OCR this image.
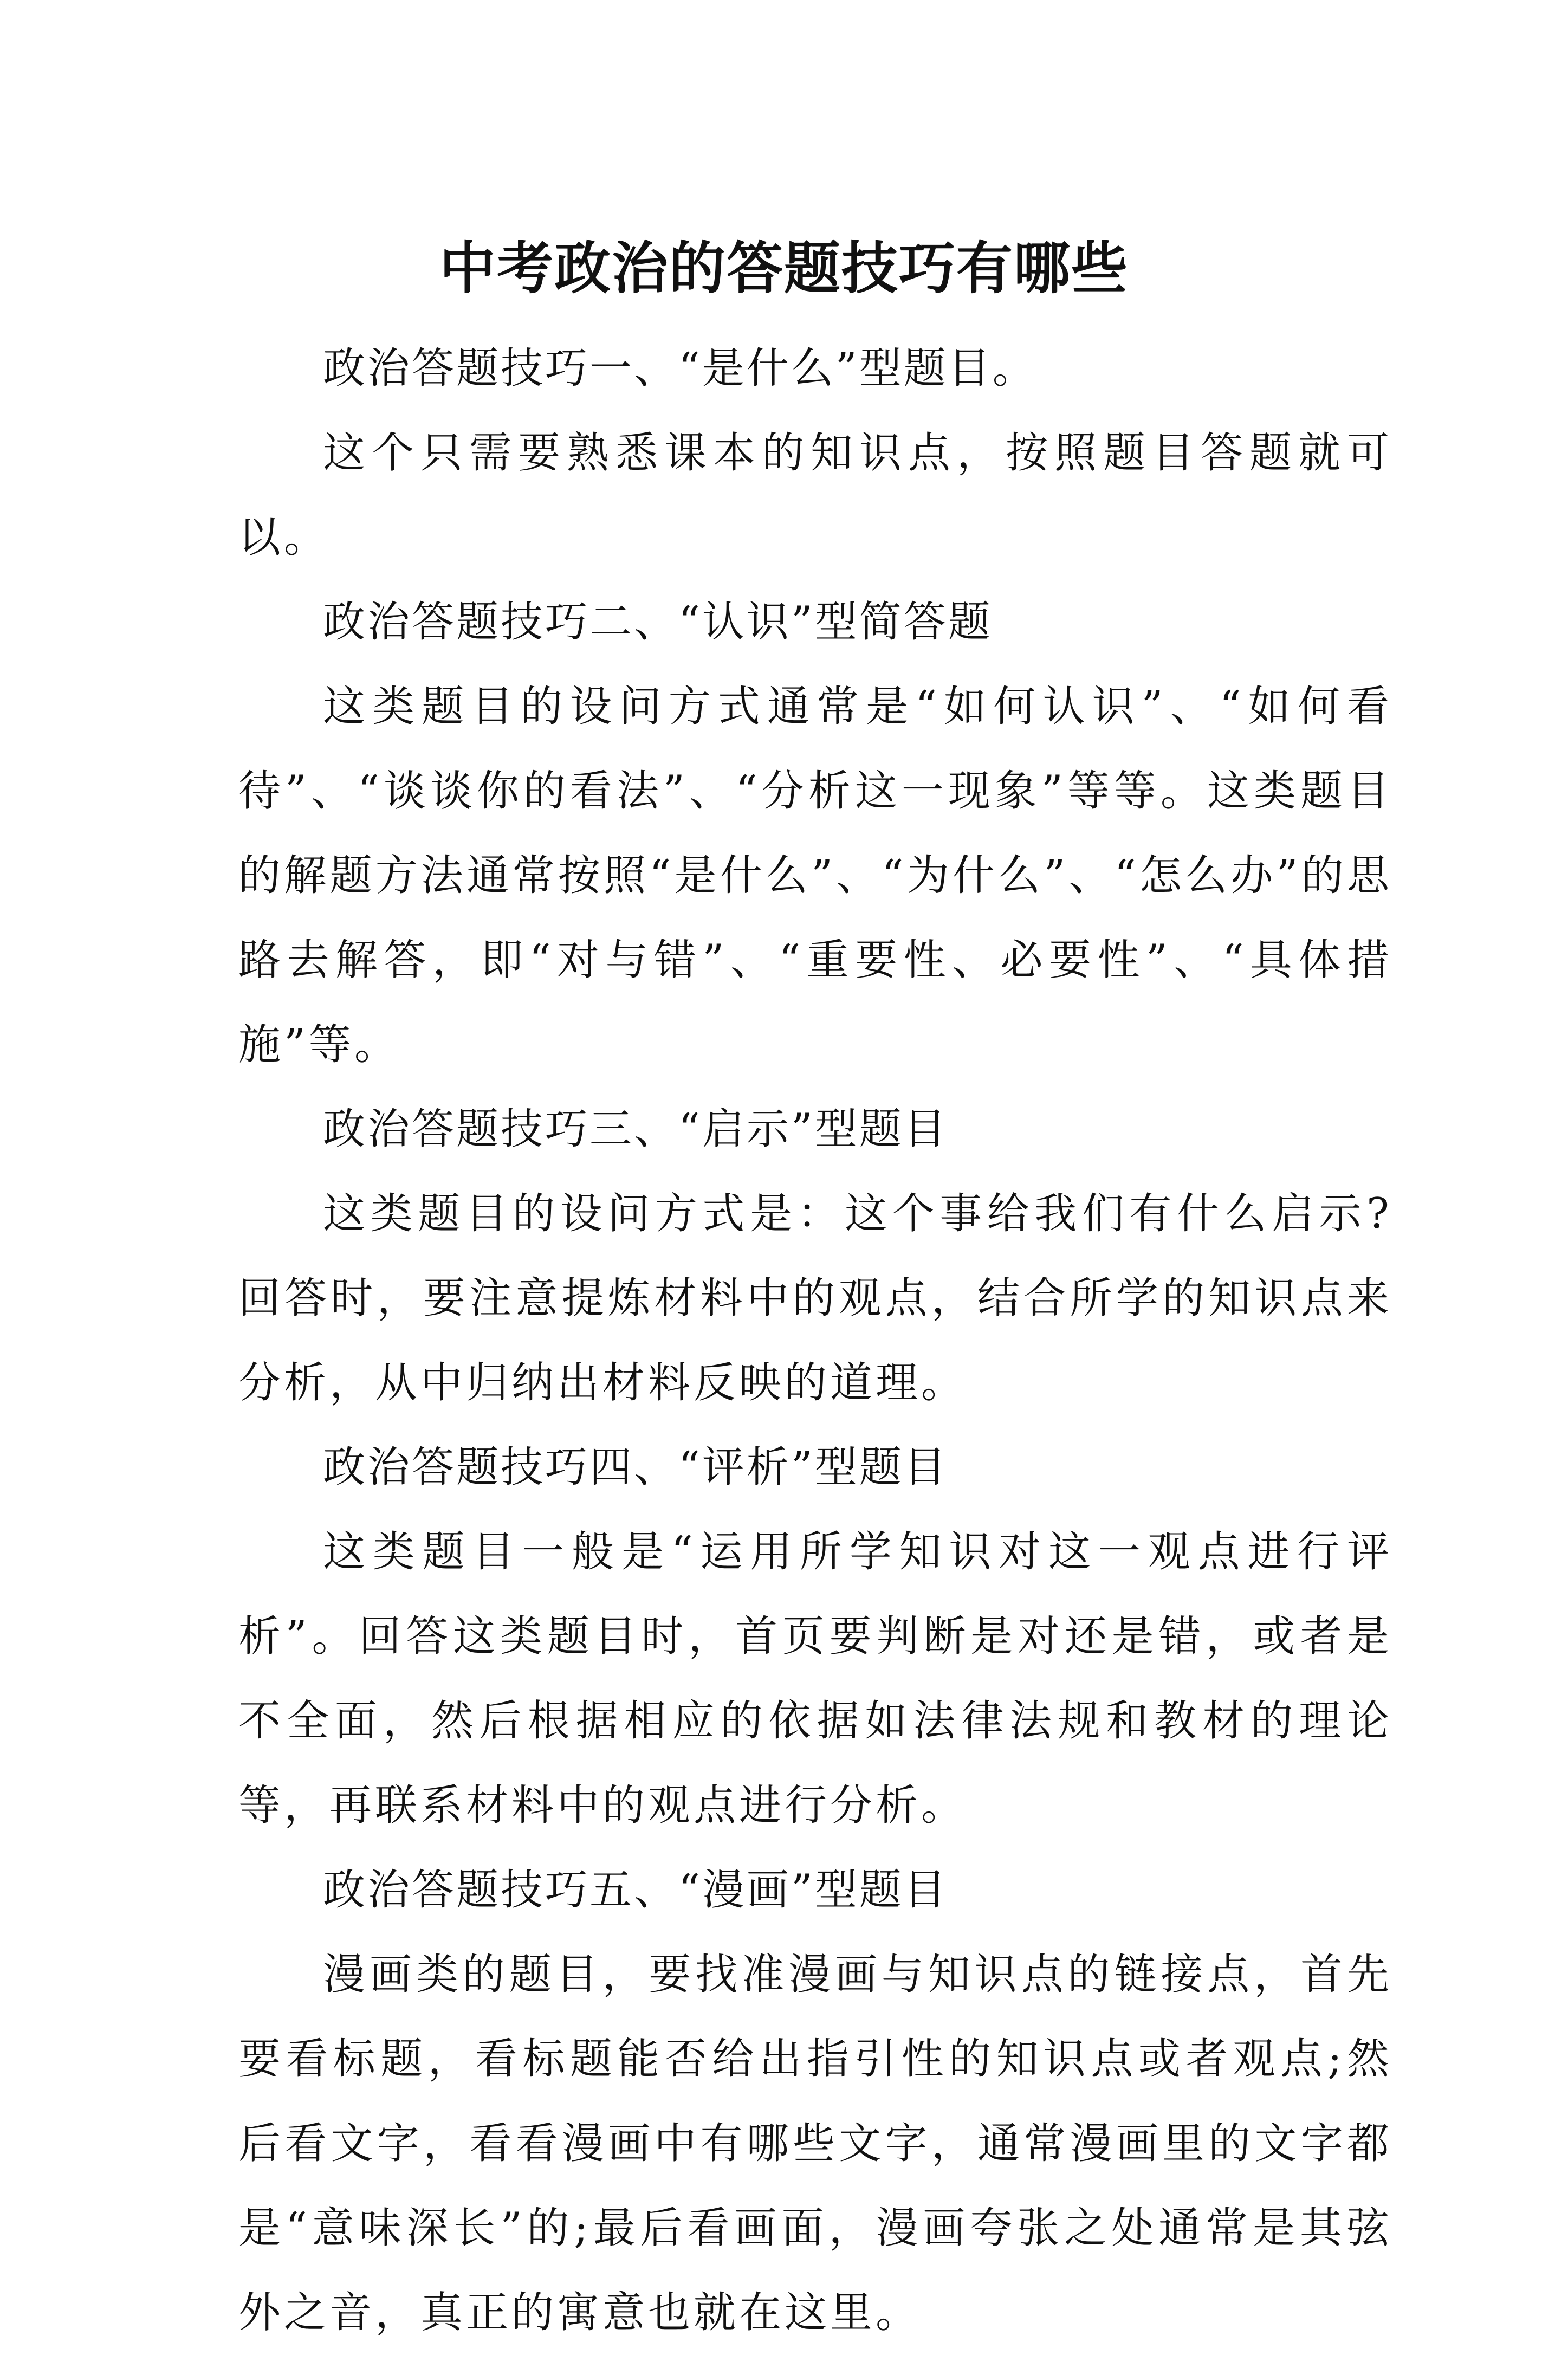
中考政治的答题技巧有哪些

政治答题技巧一、“是什么”型题目。

这个只需要熟悉课本的知识点，按照题目答题就可以。

政治答题技巧二、“认识”型简答题

这类题目的设问方式通常是“如何认识”、“如何看待”、“谈谈你的看法”、“分析这一现象”等等。这类题目的解题方法通常按照“是什么”、“为什么”、“怎么办”的思路去解答，即“对与错”、“重要性、必要性”、“具体措施”等。

政治答题技巧三、“启示”型题目

这类题目的设问方式是：这个事给我们有什么启示?回答时，要注意提炼材料中的观点，结合所学的知识点来分析，从中归纳出材料反映的道理。

政治答题技巧四、“评析”型题目

这类题目一般是“运用所学知识对这一观点进行评析”。回答这类题目时，首页要判断是对还是错，或者是不全面，然后根据相应的依据如法律法规和教材的理论等，再联系材料中的观点进行分析。

政治答题技巧五、“漫画”型题目

漫画类的题目，要找准漫画与知识点的链接点，首先要看标题，看标题能否给出指引性的知识点或者观点;然后看文字，看看漫画中有哪些文字，通常漫画里的文字都是“意味深长”的;最后看画面，漫画夸张之处通常是其弦外之音，真正的寓意也就在这里。
